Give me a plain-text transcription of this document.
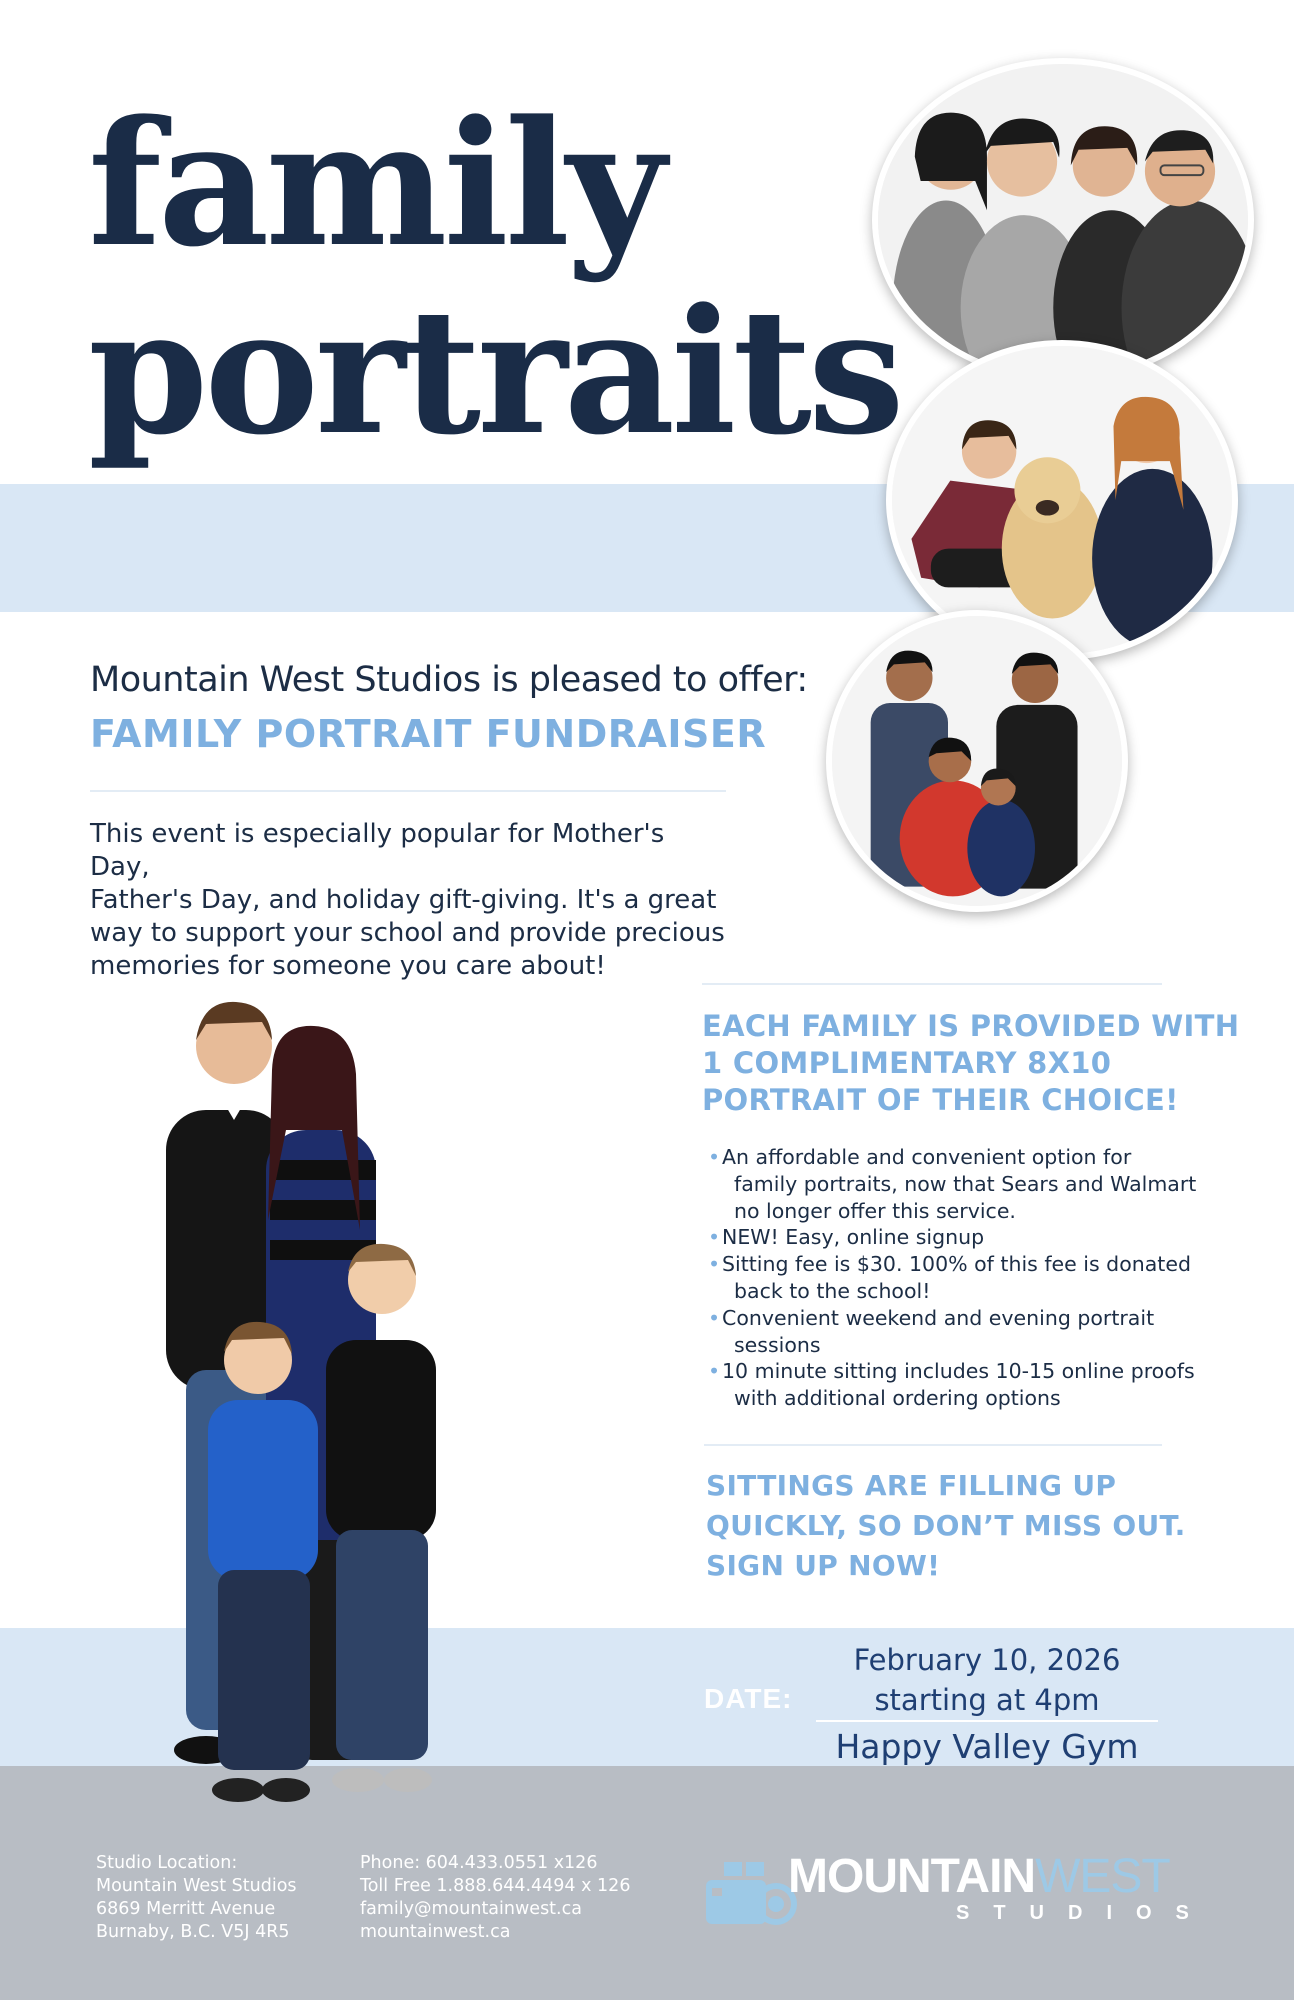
family
portraits
Mountain West Studios is pleased to offer:
FAMILY PORTRAIT FUNDRAISER

This event is especially popular for Mother's Day,

Father's Day, and holiday gift-giving. It's a great

way to support your school and provide precious

memories for someone you care about!

EACH FAMILY IS PROVIDED WITH
1 COMPLIMENTARY 8X10
PORTRAIT OF THEIR CHOICE!
• An affordable and convenient option for
family portraits, now that Sears and Walmart
no longer offer this service.
• NEW! Easy, online signup
• Sitting fee is $30. 100% of this fee is donated
back to the school!
• Convenient weekend and evening portrait
sessions
• 10 minute sitting includes 10-15 online proofs
with additional ordering options
SITTINGS ARE FILLING UP
QUICKLY, SO DON’T MISS OUT.
SIGN UP NOW!
DATE:
February 10, 2026
starting at 4pm
Happy Valley Gym
Studio Location:
Mountain West Studios
6869 Merritt Avenue
Burnaby, B.C. V5J 4R5
Phone: 604.433.0551 x126
Toll Free 1.888.644.4494 x 126
family@mountainwest.ca
mountainwest.ca
MOUNTAINWEST
STUDIOS
